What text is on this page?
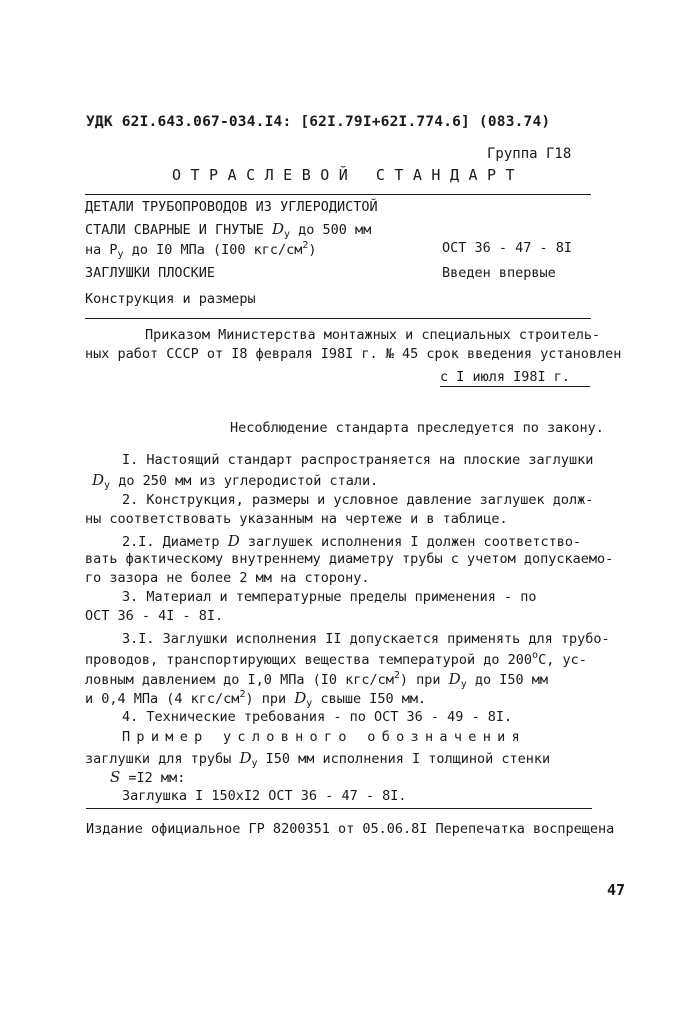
УДК 62I.643.067-034.I4: [62I.79I+62I.774.6] (083.74)
Группа Г18
ОТРАСЛЕВОЙ СТАНДАРТ
ДЕТАЛИ ТРУБОПРОВОДОВ ИЗ УГЛЕРОДИСТОЙ
СТАЛИ СВАРНЫЕ И ГНУТЫЕ $D_у$ до 500 мм
на $Р_у$ до I0 МПа (I00 кгс/$см^2$)	ОСТ 36 - 47 - 8I
ЗАГЛУШКИ ПЛОСКИЕ	Введен впервые
Конструкция и размеры
Приказом Министерства монтажных и специальных строитель-
ных работ СССР от I8 февраля I98I г. № 45 срок введения установлен
с I июля I98I г.
Несоблюдение стандарта преследуется по закону.
I. Настоящий стандарт распространяется на плоские заглушки
$D_у$ до 250 мм из углеродистой стали.
2. Конструкция, размеры и условное давление заглушек долж-
ны соответствовать указанным на чертеже и в таблице.
2.I. Диаметр D заглушек исполнения I должен соответство-
вать фактическому внутреннему диаметру трубы с учетом допускаемо-
го зазора не более 2 мм на сторону.
3. Материал и температурные пределы применения - по
ОСТ 36 - 4I - 8I.
3.I. Заглушки исполнения II допускается применять для трубо-
проводов, транспортирующих вещества температурой до 200$^o$C, ус-
ловным давлением до I,0 МПа (I0 кгс/$см^2$) при $D_у$ до I50 мм
и 0,4 МПа (4 кгс/$см^2$) при $D_у$ свыше I50 мм.
4. Технические требования - по ОСТ 36 - 49 - 8I.
Пример условного обозначения
заглушки для трубы $D_у$ I50 мм исполнения I толщиной стенки
S =I2 мм:
Заглушка I 150хI2 ОСТ 36 - 47 - 8I.
Издание официальное ГР 8200351 от 05.06.8I Перепечатка воспрещена
47
